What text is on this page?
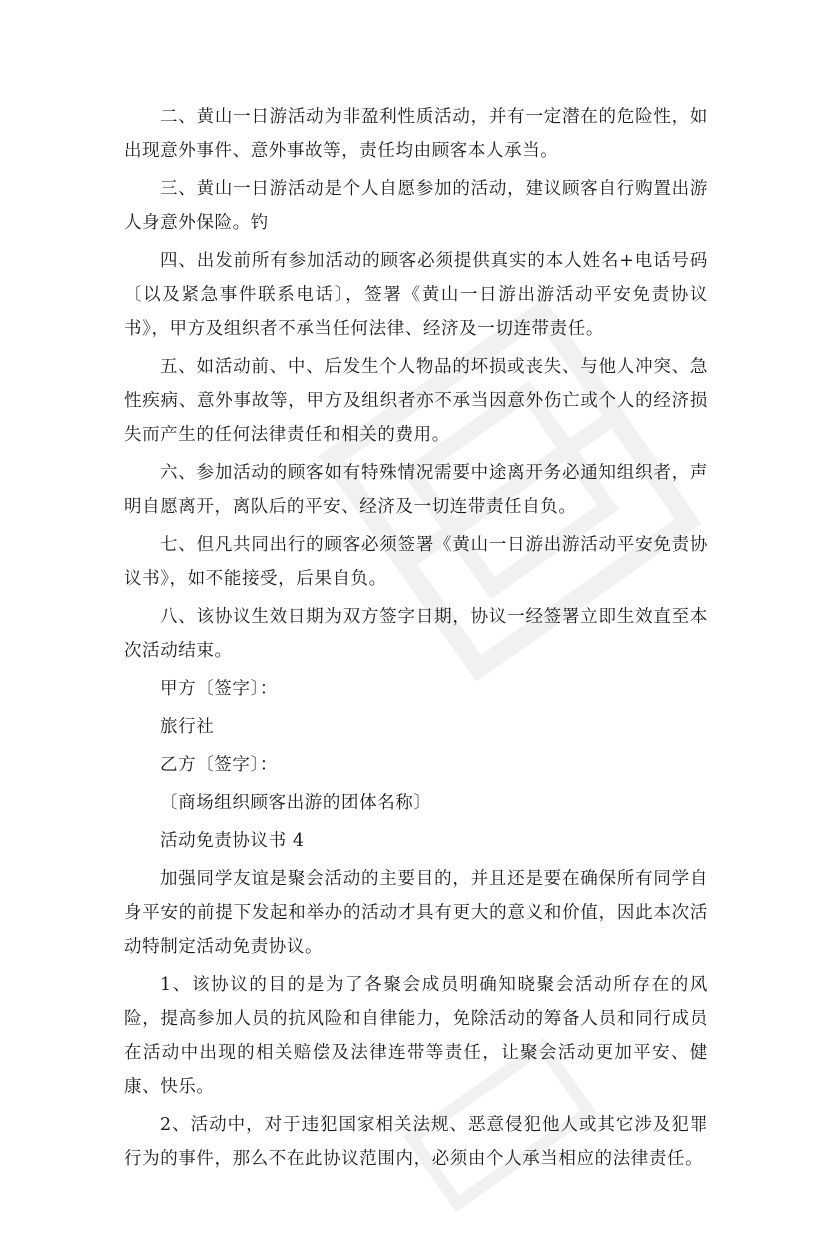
二、黄山一日游活动为非盈利性质活动，并有一定潜在的危险性，如出现意外事件、意外事故等，责任均由顾客本人承当。

三、黄山一日游活动是个人自愿参加的活动，建议顾客自行购置出游人身意外保险。钓

四、出发前所有参加活动的顾客必须提供真实的本人姓名+电话号码〔以及紧急事件联系电话〕，签署《黄山一日游出游活动平安免责协议书》，甲方及组织者不承当任何法律、经济及一切连带责任。

五、如活动前、中、后发生个人物品的坏损或丧失、与他人冲突、急性疾病、意外事故等，甲方及组织者亦不承当因意外伤亡或个人的经济损失而产生的任何法律责任和相关的费用。

六、参加活动的顾客如有特殊情况需要中途离开务必通知组织者，声明自愿离开，离队后的平安、经济及一切连带责任自负。

七、但凡共同出行的顾客必须签署《黄山一日游出游活动平安免责协议书》，如不能接受，后果自负。

八、该协议生效日期为双方签字日期，协议一经签署立即生效直至本次活动结束。

甲方〔签字〕：

旅行社

乙方〔签字〕：

〔商场组织顾客出游的团体名称〕

活动免责协议书 4

加强同学友谊是聚会活动的主要目的，并且还是要在确保所有同学自身平安的前提下发起和举办的活动才具有更大的意义和价值，因此本次活动特制定活动免责协议。

1、该协议的目的是为了各聚会成员明确知晓聚会活动所存在的风险，提高参加人员的抗风险和自律能力，免除活动的筹备人员和同行成员在活动中出现的相关赔偿及法律连带等责任，让聚会活动更加平安、健康、快乐。

2、活动中，对于违犯国家相关法规、恶意侵犯他人或其它涉及犯罪行为的事件，那么不在此协议范围内，必须由个人承当相应的法律责任。
